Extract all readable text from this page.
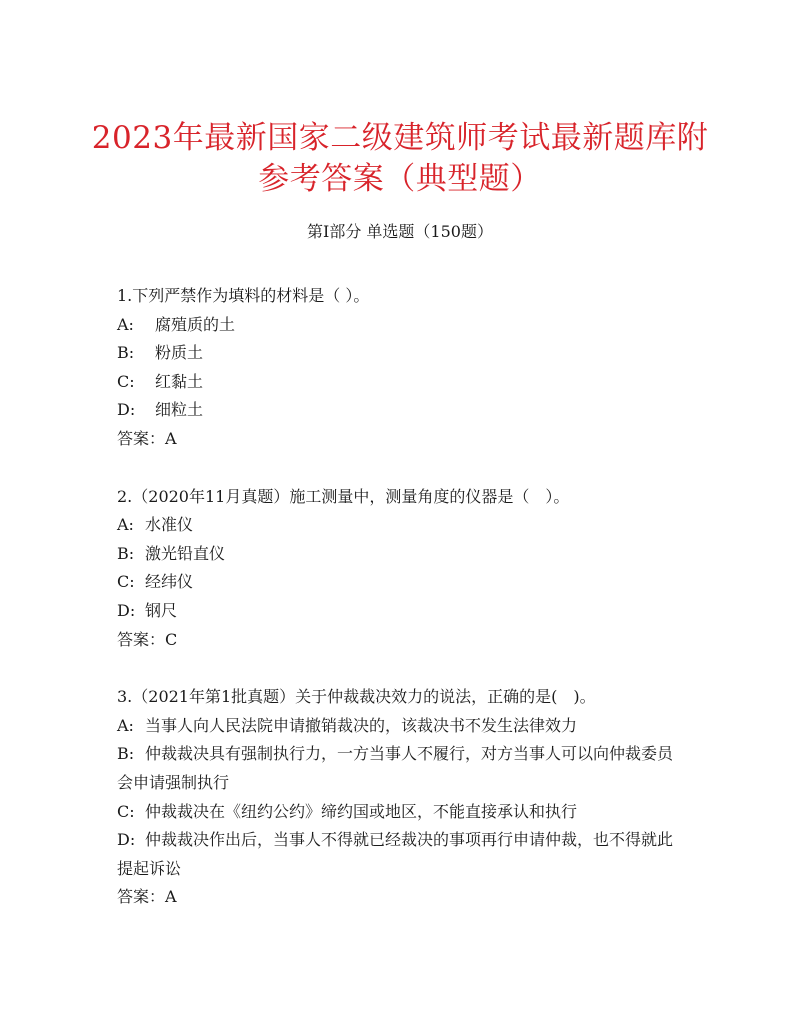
2023年最新国家二级建筑师考试最新题库附
参考答案（典型题）
第I部分 单选题（150题）
1.下列严禁作为填料的材料是（ ）。
A: 腐殖质的土
B: 粉质土
C: 红黏土
D: 细粒土
答案：A
2.（2020年11月真题）施工测量中，测量角度的仪器是（　）。
A: 水准仪
B: 激光铅直仪
C: 经纬仪
D: 钢尺
答案：C
3.（2021年第1批真题）关于仲裁裁决效力的说法，正确的是(　)。
A: 当事人向人民法院申请撤销裁决的，该裁决书不发生法律效力
B: 仲裁裁决具有强制执行力，一方当事人不履行，对方当事人可以向仲裁委员会申请强制执行
C: 仲裁裁决在《纽约公约》缔约国或地区，不能直接承认和执行
D: 仲裁裁决作出后，当事人不得就已经裁决的事项再行申请仲裁，也不得就此提起诉讼
答案：A
